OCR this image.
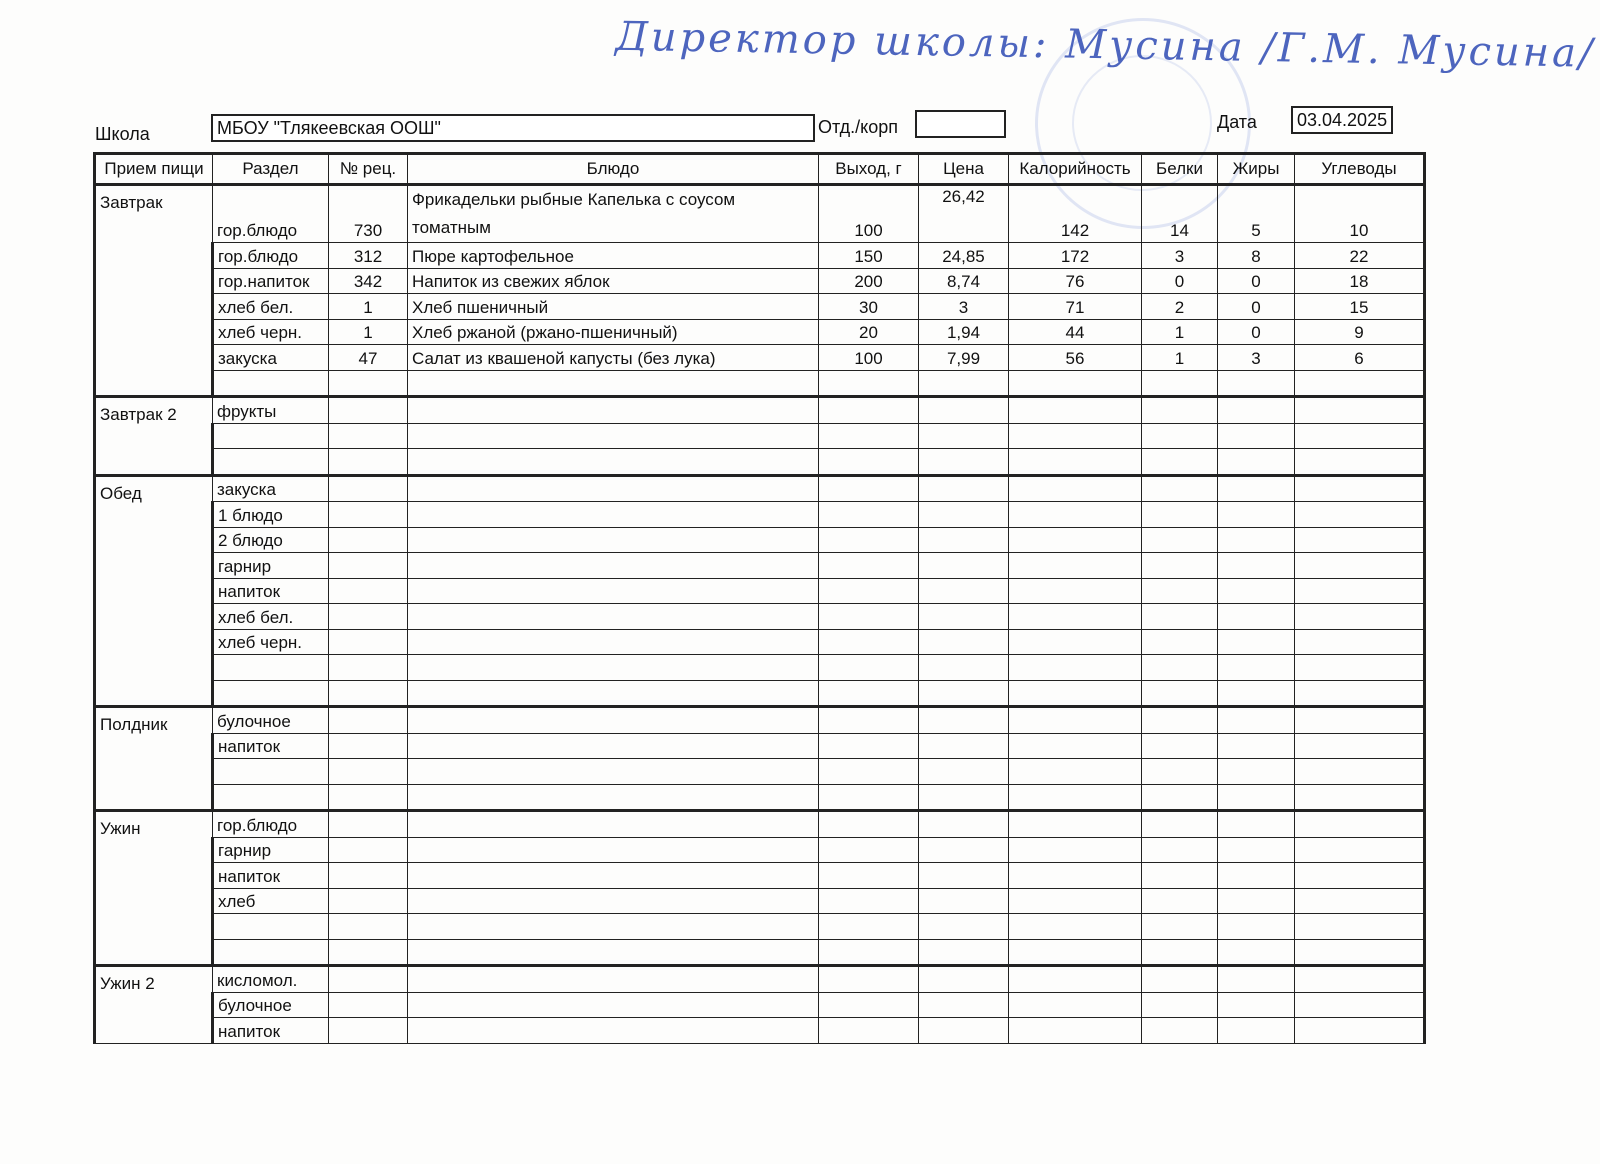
Директор школы: Мусина /Г.М. Мусина/
Школа	МБОУ "Тлякеевская ООШ"	Отд./корп	Дата	03.04.2025
Прием пищи	Раздел	№ рец.	Блюдо	Выход, г	Цена	Калорийность	Белки	Жиры	Углеводы
Завтрак	гор.блюдо	730	Фрикадельки рыбные Капелька с соусом томатным	100	26,42	142	14	5	10
	гор.блюдо	312	Пюре картофельное	150	24,85	172	3	8	22
	гор.напиток	342	Напиток из свежих яблок	200	8,74	76	0	0	18
	хлеб бел.	1	Хлеб пшеничный	30	3	71	2	0	15
	хлеб черн.	1	Хлеб ржаной (ржано-пшеничный)	20	1,94	44	1	0	9
	закуска	47	Салат из квашеной капусты (без лука)	100	7,99	56	1	3	6

Завтрак 2	фрукты								

Обед	закуска								
	1 блюдо								
	2 блюдо								
	гарнир								
	напиток								
	хлеб бел.								
	хлеб черн.								

Полдник	булочное								
	напиток								

Ужин	гор.блюдо								
	гарнир								
	напиток								
	хлеб								

Ужин 2	кисломол.								
	булочное								
	напиток								
